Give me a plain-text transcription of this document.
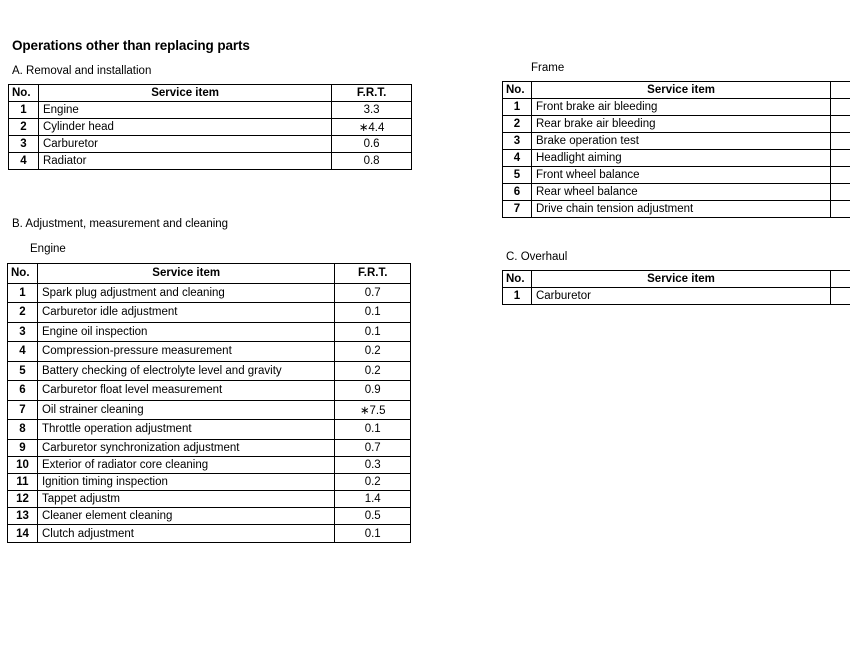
Operations other than replacing parts
A. Removal and installation
No.	Service item	F.R.T.
1	Engine	3.3
2	Cylinder head	∗4.4
3	Carburetor	0.6
4	Radiator	0.8
B. Adjustment, measurement and cleaning
Engine
No.	Service item	F.R.T.
1	Spark plug adjustment and cleaning	0.7
2	Carburetor idle adjustment	0.1
3	Engine oil inspection	0.1
4	Compression-pressure measurement	0.2
5	Battery checking of electrolyte level and gravity	0.2
6	Carburetor float level measurement	0.9
7	Oil strainer cleaning	∗7.5
8	Throttle operation adjustment	0.1
9	Carburetor synchronization adjustment	0.7
10	Exterior of radiator core cleaning	0.3
11	Ignition timing inspection	0.2
12	Tappet adjustm	1.4
13	Cleaner element cleaning	0.5
14	Clutch adjustment	0.1
Frame
No.	Service item	
1	Front brake air bleeding	
2	Rear brake air bleeding	
3	Brake operation test	
4	Headlight aiming	
5	Front wheel balance	
6	Rear wheel balance	
7	Drive chain tension adjustment	
C. Overhaul
No.	Service item	
1	Carburetor	
